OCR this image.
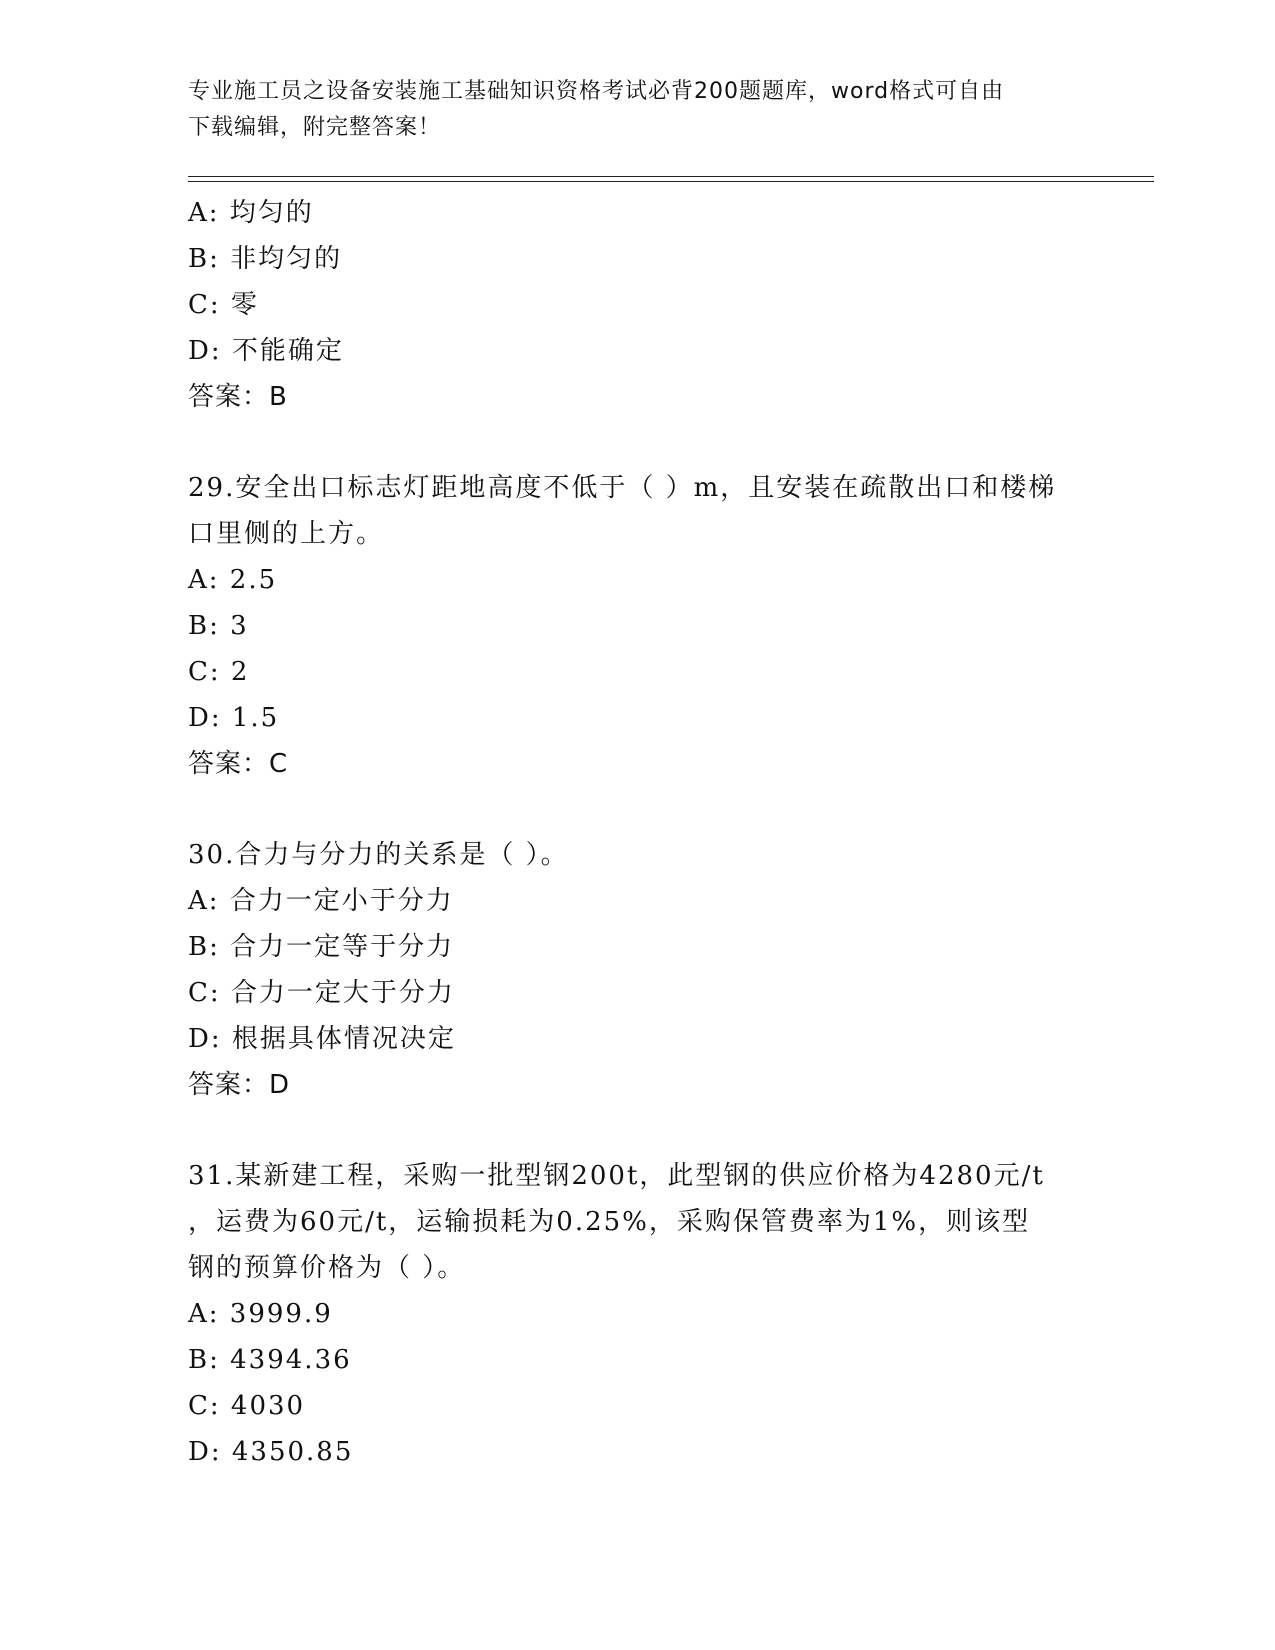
专业施工员之设备安装施工基础知识资格考试必背200题题库，word格式可自由
下载编辑，附完整答案！
A: 均匀的
B: 非均匀的
C: 零
D: 不能确定
答案：B
29.安全出口标志灯距地高度不低于（ ）m，且安装在疏散出口和楼梯
口里侧的上方。
A: 2.5
B: 3
C: 2
D: 1.5
答案：C
30.合力与分力的关系是（ ）。
A: 合力一定小于分力
B: 合力一定等于分力
C: 合力一定大于分力
D: 根据具体情况决定
答案：D
31.某新建工程，采购一批型钢200t，此型钢的供应价格为4280元/t
，运费为60元/t，运输损耗为0.25%，采购保管费率为1%，则该型
钢的预算价格为（ ）。
A: 3999.9
B: 4394.36
C: 4030
D: 4350.85
